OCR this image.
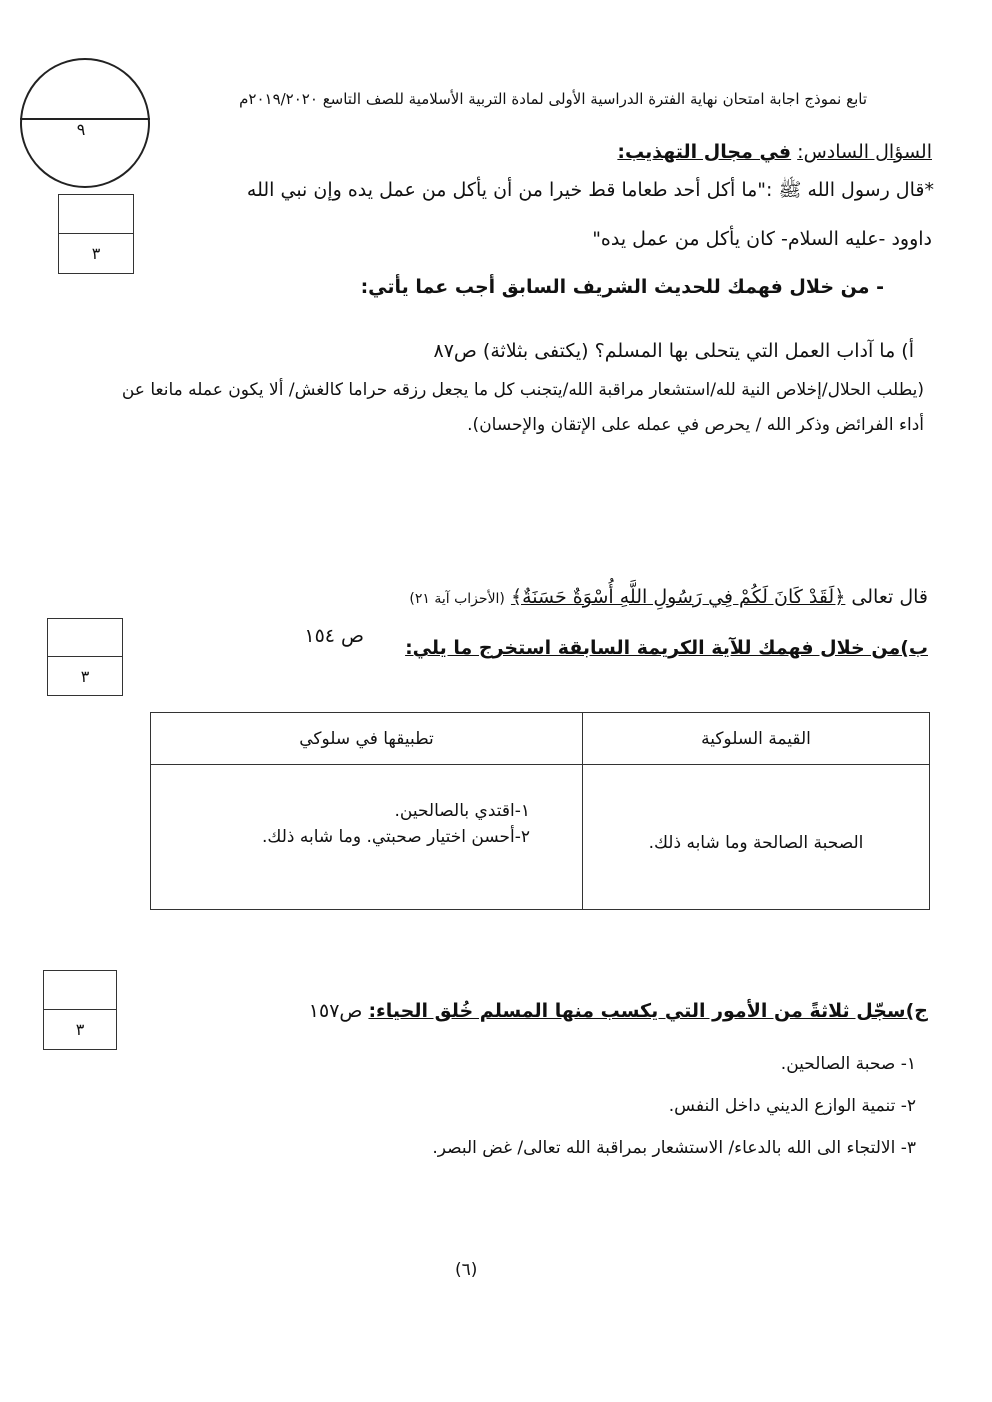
٩
تابع نموذج اجابة امتحان نهاية الفترة الدراسية الأولى لمادة التربية الأسلامية للصف التاسع ٢٠١٩/٢٠٢٠م
السؤال السادس: في مجال التهذيب:
٣
*قال رسول الله ﷺ :"ما أكل أحد طعاما قط خيرا من أن يأكل من عمل يده وإن نبي الله
داوود -عليه السلام- كان يأكل من عمل يده"
- من خلال فهمك للحديث الشريف السابق أجب عما يأتي:
أ) ما آداب العمل التي يتحلى بها المسلم؟ (يكتفى بثلاثة) ص٨٧
(يطلب الحلال/إخلاص النية لله/استشعار مراقبة الله/يتجنب كل ما يجعل رزقه حراما كالغش/ ألا يكون عمله مانعا عن
أداء الفرائض وذكر الله / يحرص في عمله على الإتقان والإحسان).
قال تعالى ﴿لَقَدْ كَانَ لَكُمْ فِي رَسُولِ اللَّهِ أُسْوَةٌ حَسَنَةٌ﴾ (الأحزاب آية ٢١)
٣
ب)من خلال فهمك للآية الكريمة السابقة استخرج ما يلي:
ص ١٥٤
القيمة السلوكية	تطبيقها في سلوكي
الصحبة الصالحة وما شابه ذلك.	١-اقتدي بالصالحين.
٢-أحسن اختيار صحبتي. وما شابه ذلك.
٣
ج)سجّل ثلاثةً من الأمور التي يكسب منها المسلم خُلق الحياء: ص١٥٧
١- صحبة الصالحين.
٢- تنمية الوازع الديني داخل النفس.
٣- الالتجاء الى الله بالدعاء/ الاستشعار بمراقبة الله تعالى/ غض البصر.
(٦)
